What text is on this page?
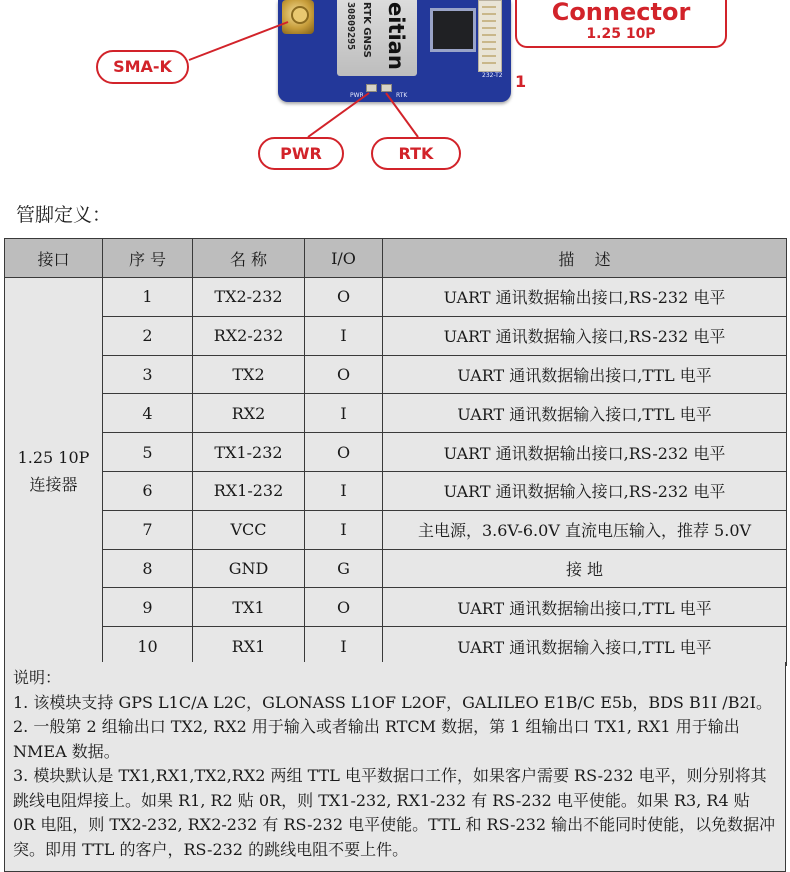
30809295 RTK GNSS eitian
232-T2
PWR	RTK
1
SMA-K
PWR	RTK
Connector
1.25 10P
管脚定义：
接口	序 号	名 称	I/O	描    述

1.25 10P
连接器	1	TX2-232	O	UART 通讯数据输出接口,RS-232 电平
	2	RX2-232	I	UART 通讯数据输入接口,RS-232 电平
	3	TX2	O	UART 通讯数据输出接口,TTL 电平
	4	RX2	I	UART 通讯数据输入接口,TTL 电平
	5	TX1-232	O	UART 通讯数据输出接口,RS-232 电平
	6	RX1-232	I	UART 通讯数据输入接口,RS-232 电平
	7	VCC	I	主电源，3.6V-6.0V 直流电压输入，推荐 5.0V
	8	GND	G	接 地
	9	TX1	O	UART 通讯数据输出接口,TTL 电平
	10	RX1	I	UART 通讯数据输入接口,TTL 电平

说明：

1. 该模块支持 GPS L1C/A L2C，GLONASS L1OF L2OF，GALILEO E1B/C E5b，BDS B1I /B2I。

2. 一般第 2 组输出口 TX2, RX2 用于输入或者输出 RTCM 数据，第 1 组输出口 TX1, RX1 用于输出 NMEA 数据。

3. 模块默认是 TX1,RX1,TX2,RX2 两组 TTL 电平数据口工作，如果客户需要 RS-232 电平，则分别将其跳线电阻焊接上。如果 R1, R2 贴 0R，则 TX1-232, RX1-232 有 RS-232 电平使能。如果 R3, R4 贴 0R 电阻，则 TX2-232, RX2-232 有 RS-232 电平使能。TTL 和 RS-232 输出不能同时使能，以免数据冲突。即用 TTL 的客户，RS-232 的跳线电阻不要上件。
